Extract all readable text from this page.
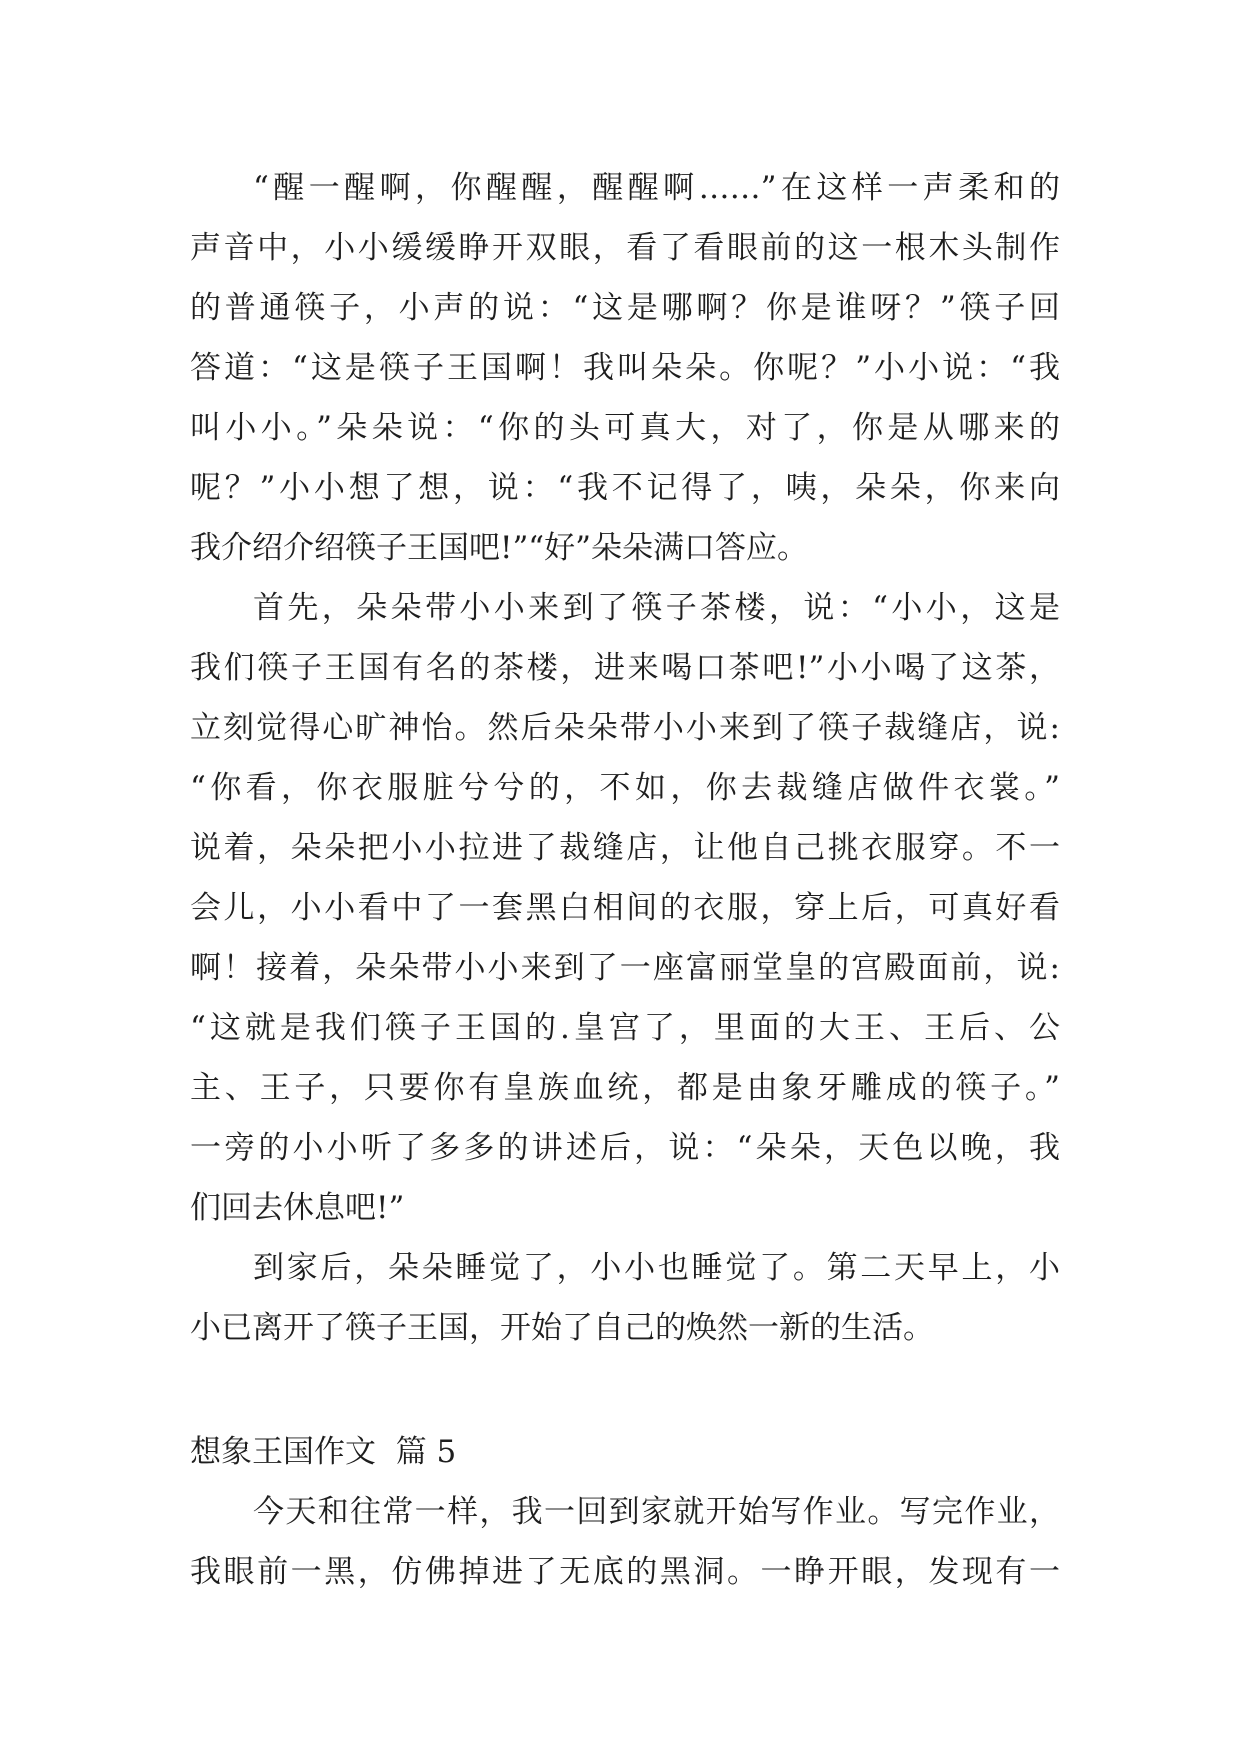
“醒一醒啊，你醒醒，醒醒啊……”在这样一声柔和的
声音中，小小缓缓睁开双眼，看了看眼前的这一根木头制作
的普通筷子，小声的说：“这是哪啊？你是谁呀？”筷子回
答道：“这是筷子王国啊！我叫朵朵。你呢？”小小说：“我
叫小小。”朵朵说：“你的头可真大，对了，你是从哪来的
呢？”小小想了想，说：“我不记得了，咦，朵朵，你来向
我介绍介绍筷子王国吧!”“好”朵朵满口答应。
首先，朵朵带小小来到了筷子茶楼，说：“小小，这是
我们筷子王国有名的茶楼，进来喝口茶吧!”小小喝了这茶，
立刻觉得心旷神怡。然后朵朵带小小来到了筷子裁缝店，说:
“你看，你衣服脏兮兮的，不如，你去裁缝店做件衣裳。”
说着，朵朵把小小拉进了裁缝店，让他自己挑衣服穿。不一
会儿，小小看中了一套黑白相间的衣服，穿上后，可真好看
啊！接着，朵朵带小小来到了一座富丽堂皇的宫殿面前，说:
“这就是我们筷子王国的.皇宫了，里面的大王、王后、公
主、王子，只要你有皇族血统，都是由象牙雕成的筷子。”
一旁的小小听了多多的讲述后，说：“朵朵，天色以晚，我
们回去休息吧!”
到家后，朵朵睡觉了，小小也睡觉了。第二天早上，小
小已离开了筷子王国，开始了自己的焕然一新的生活。
想象王国作文  篇 5
今天和往常一样，我一回到家就开始写作业。写完作业，
我眼前一黑，仿佛掉进了无底的黑洞。一睁开眼，发现有一
